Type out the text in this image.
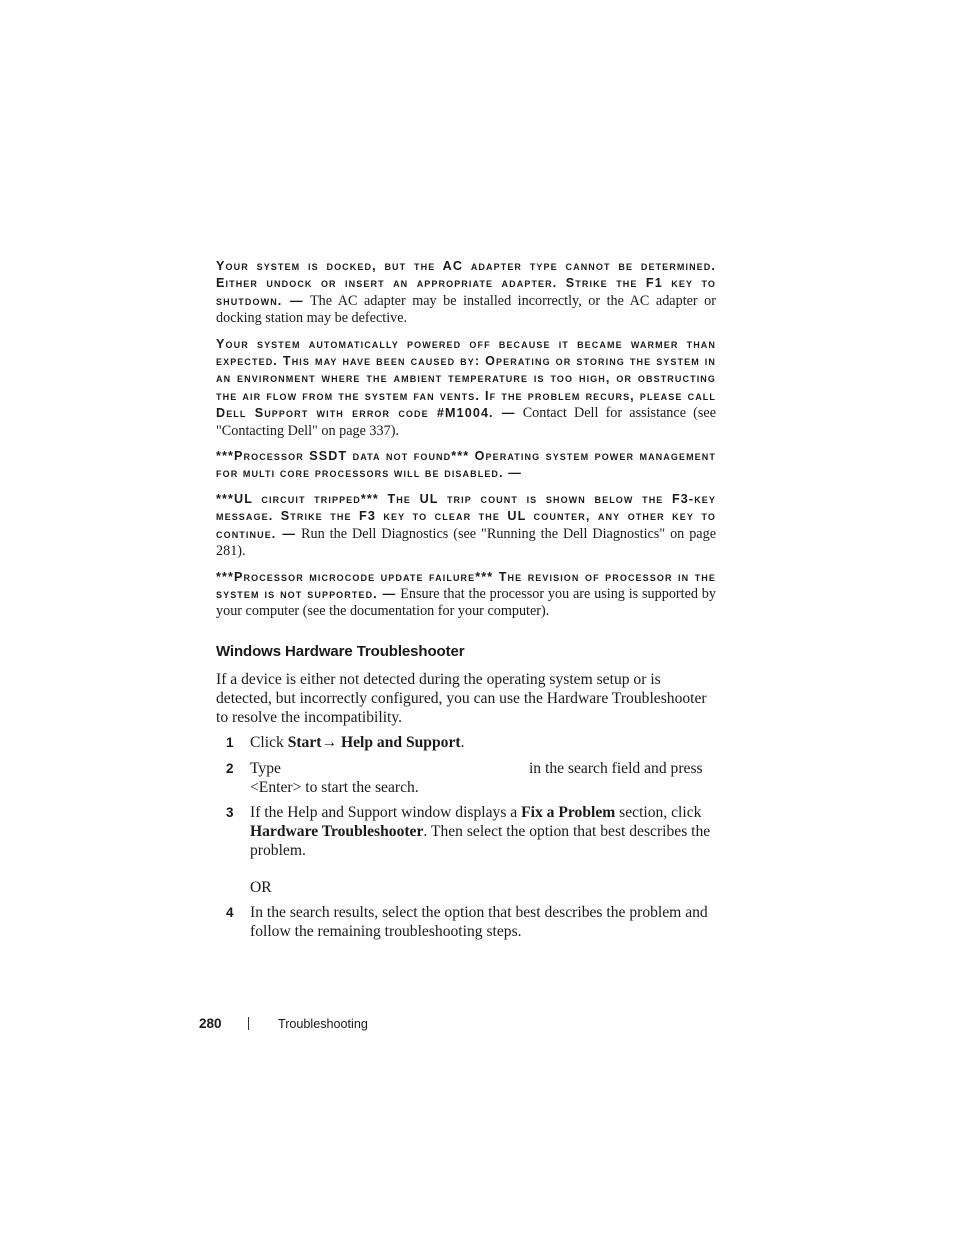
Your system is docked, but the AC adapter type cannot be determined. Either undock or insert an appropriate adapter. Strike the F1 key to shutdown. — The AC adapter may be installed incorrectly, or the AC adapter or docking station may be defective.

Your system automatically powered off because it became warmer than expected. This may have been caused by: Operating or storing the system in an environment where the ambient temperature is too high, or obstructing the air flow from the system fan vents. If the problem recurs, please call Dell Support with error code #M1004. — Contact Dell for assistance (see "Contacting Dell" on page 337).

***Processor SSDT data not found*** Operating system power management for multi core processors will be disabled. —

***UL circuit tripped*** The UL trip count is shown below the F3-key message. Strike the F3 key to clear the UL counter, any other key to continue. — Run the Dell Diagnostics (see "Running the Dell Diagnostics" on page 281).

***Processor microcode update failure*** The revision of processor in the system is not supported. — Ensure that the processor you are using is supported by your computer (see the documentation for your computer).

Windows Hardware Troubleshooter

If a device is either not detected during the operating system setup or is detected, but incorrectly configured, you can use the Hardware Troubleshooter to resolve the incompatibility.

1 Click Start→ Help and Support.
2 Type	in the search field and press <Enter> to start the search.
3 If the Help and Support window displays a Fix a Problem section, click Hardware Troubleshooter. Then select the option that best describes the problem.
OR
4 In the search results, select the option that best describes the problem and follow the remaining troubleshooting steps.
280	Troubleshooting
